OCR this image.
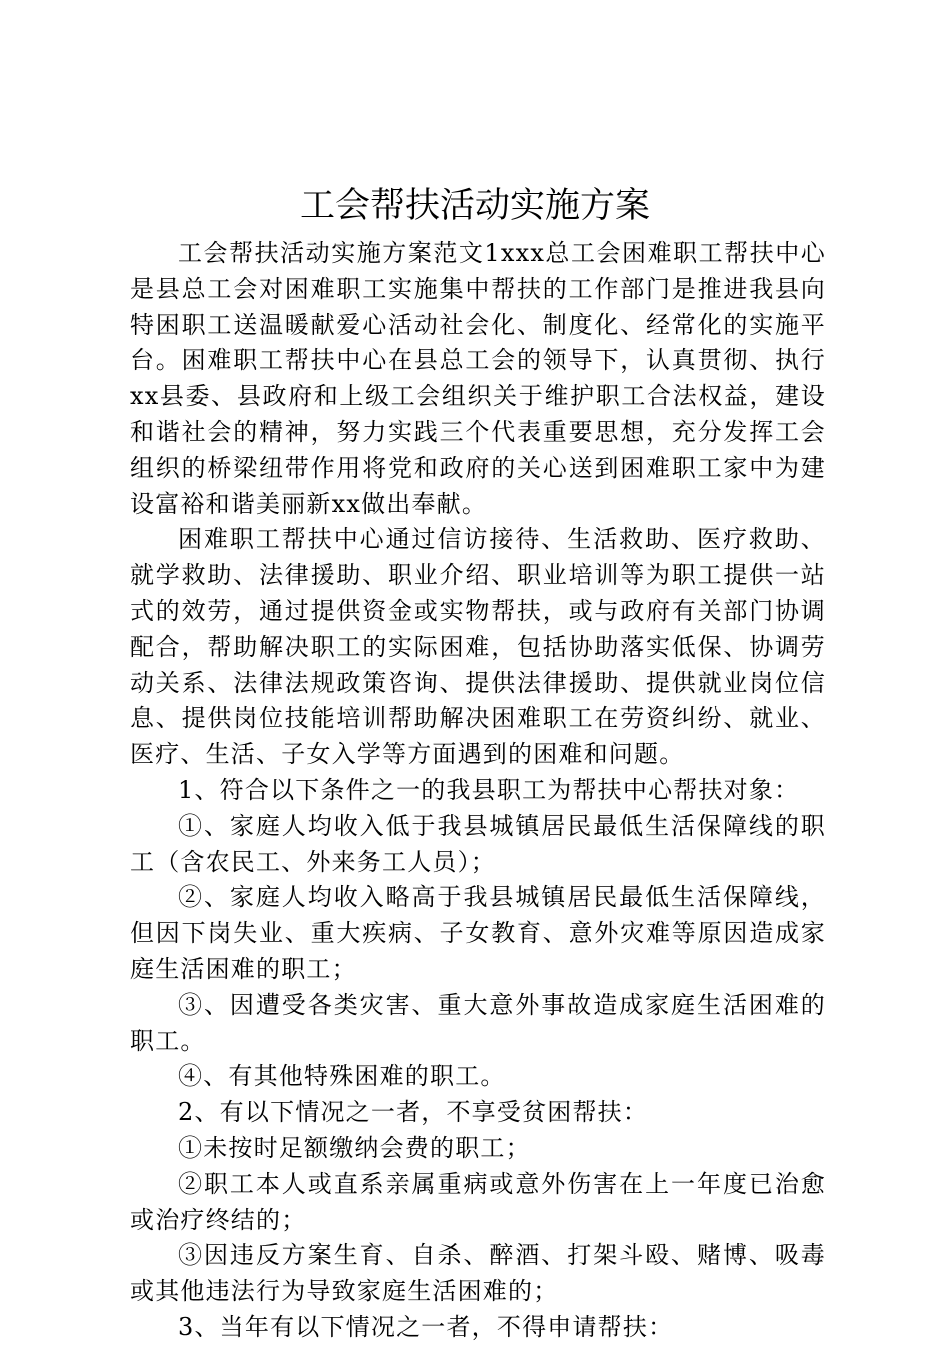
工会帮扶活动实施方案

工会帮扶活动实施方案范文1xxx总工会困难职工帮扶中心是县总工会对困难职工实施集中帮扶的工作部门是推进我县向特困职工送温暖献爱心活动社会化、制度化、经常化的实施平台。困难职工帮扶中心在县总工会的领导下，认真贯彻、执行xx县委、县政府和上级工会组织关于维护职工合法权益，建设和谐社会的精神，努力实践三个代表重要思想，充分发挥工会组织的桥梁纽带作用将党和政府的关心送到困难职工家中为建设富裕和谐美丽新xx做出奉献。

困难职工帮扶中心通过信访接待、生活救助、医疗救助、就学救助、法律援助、职业介绍、职业培训等为职工提供一站式的效劳，通过提供资金或实物帮扶，或与政府有关部门协调配合，帮助解决职工的实际困难，包括协助落实低保、协调劳动关系、法律法规政策咨询、提供法律援助、提供就业岗位信息、提供岗位技能培训帮助解决困难职工在劳资纠纷、就业、医疗、生活、子女入学等方面遇到的困难和问题。

1、符合以下条件之一的我县职工为帮扶中心帮扶对象：

①、家庭人均收入低于我县城镇居民最低生活保障线的职工（含农民工、外来务工人员）；

②、家庭人均收入略高于我县城镇居民最低生活保障线，但因下岗失业、重大疾病、子女教育、意外灾难等原因造成家庭生活困难的职工；

③、因遭受各类灾害、重大意外事故造成家庭生活困难的职工。

④、有其他特殊困难的职工。

2、有以下情况之一者，不享受贫困帮扶：

①未按时足额缴纳会费的职工；

②职工本人或直系亲属重病或意外伤害在上一年度已治愈或治疗终结的；

③因违反方案生育、自杀、醉酒、打架斗殴、赌博、吸毒或其他违法行为导致家庭生活困难的；

3、当年有以下情况之一者，不得申请帮扶：
